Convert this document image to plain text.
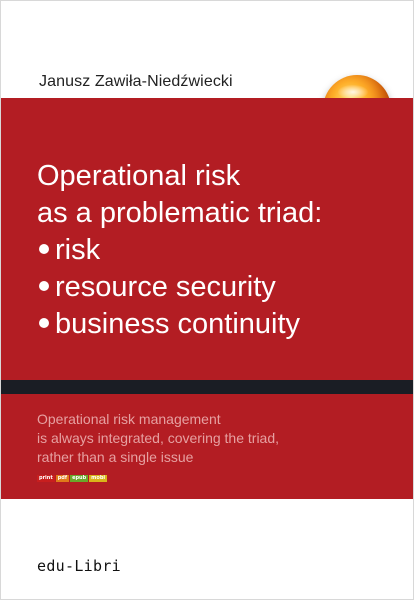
Janusz Zawiła-Niedźwiecki
Operational risk
as a problematic triad:
risk
resource security
business continuity
Operational risk management
is always integrated, covering the triad,
rather than a single issue
print	pdf	epub	mobi
edu-Libri
